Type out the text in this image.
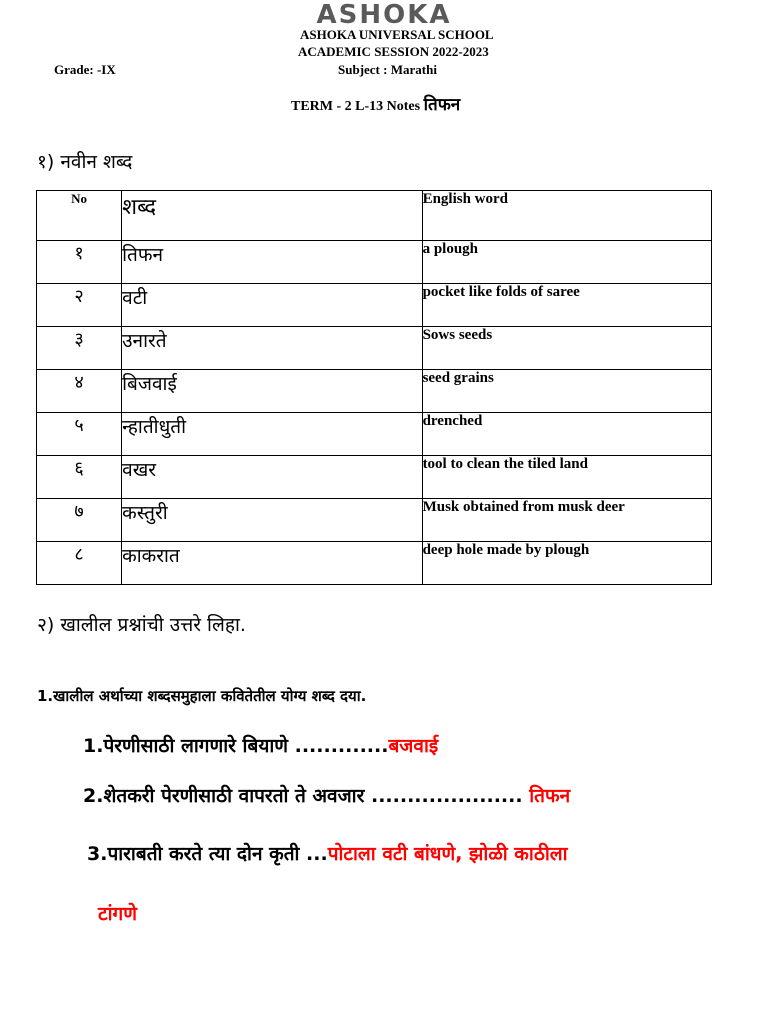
ASHOKA
ASHOKA UNIVERSAL SCHOOL
ACADEMIC SESSION 2022-2023
Grade: -IX	Subject : Marathi
TERM - 2 L-13 Notes तिफन
१) नवीन शब्द
No	शब्द	English word
१	तिफन	a plough
२	वटी	pocket like folds of saree
३	उनारते	Sows seeds
४	बिजवाई	seed grains
५	न्हातीधुती	drenched
६	वखर	tool to clean the tiled land
७	कस्तुरी	Musk obtained from musk deer
८	काकरात	deep hole made by plough
२) खालील प्रश्नांची उत्तरे लिहा.
1.खालील अर्थाच्या शब्दसमुहाला कवितेतील योग्य शब्द दया.
1.पेरणीसाठी लागणारे बियाणे .............बजवाई
2.शेतकरी पेरणीसाठी वापरतो ते अवजार ..................... तिफन
3.पाराबती करते त्या दोन कृती ...पोटाला वटी बांधणे, झोळी काठीला
टांगणे
